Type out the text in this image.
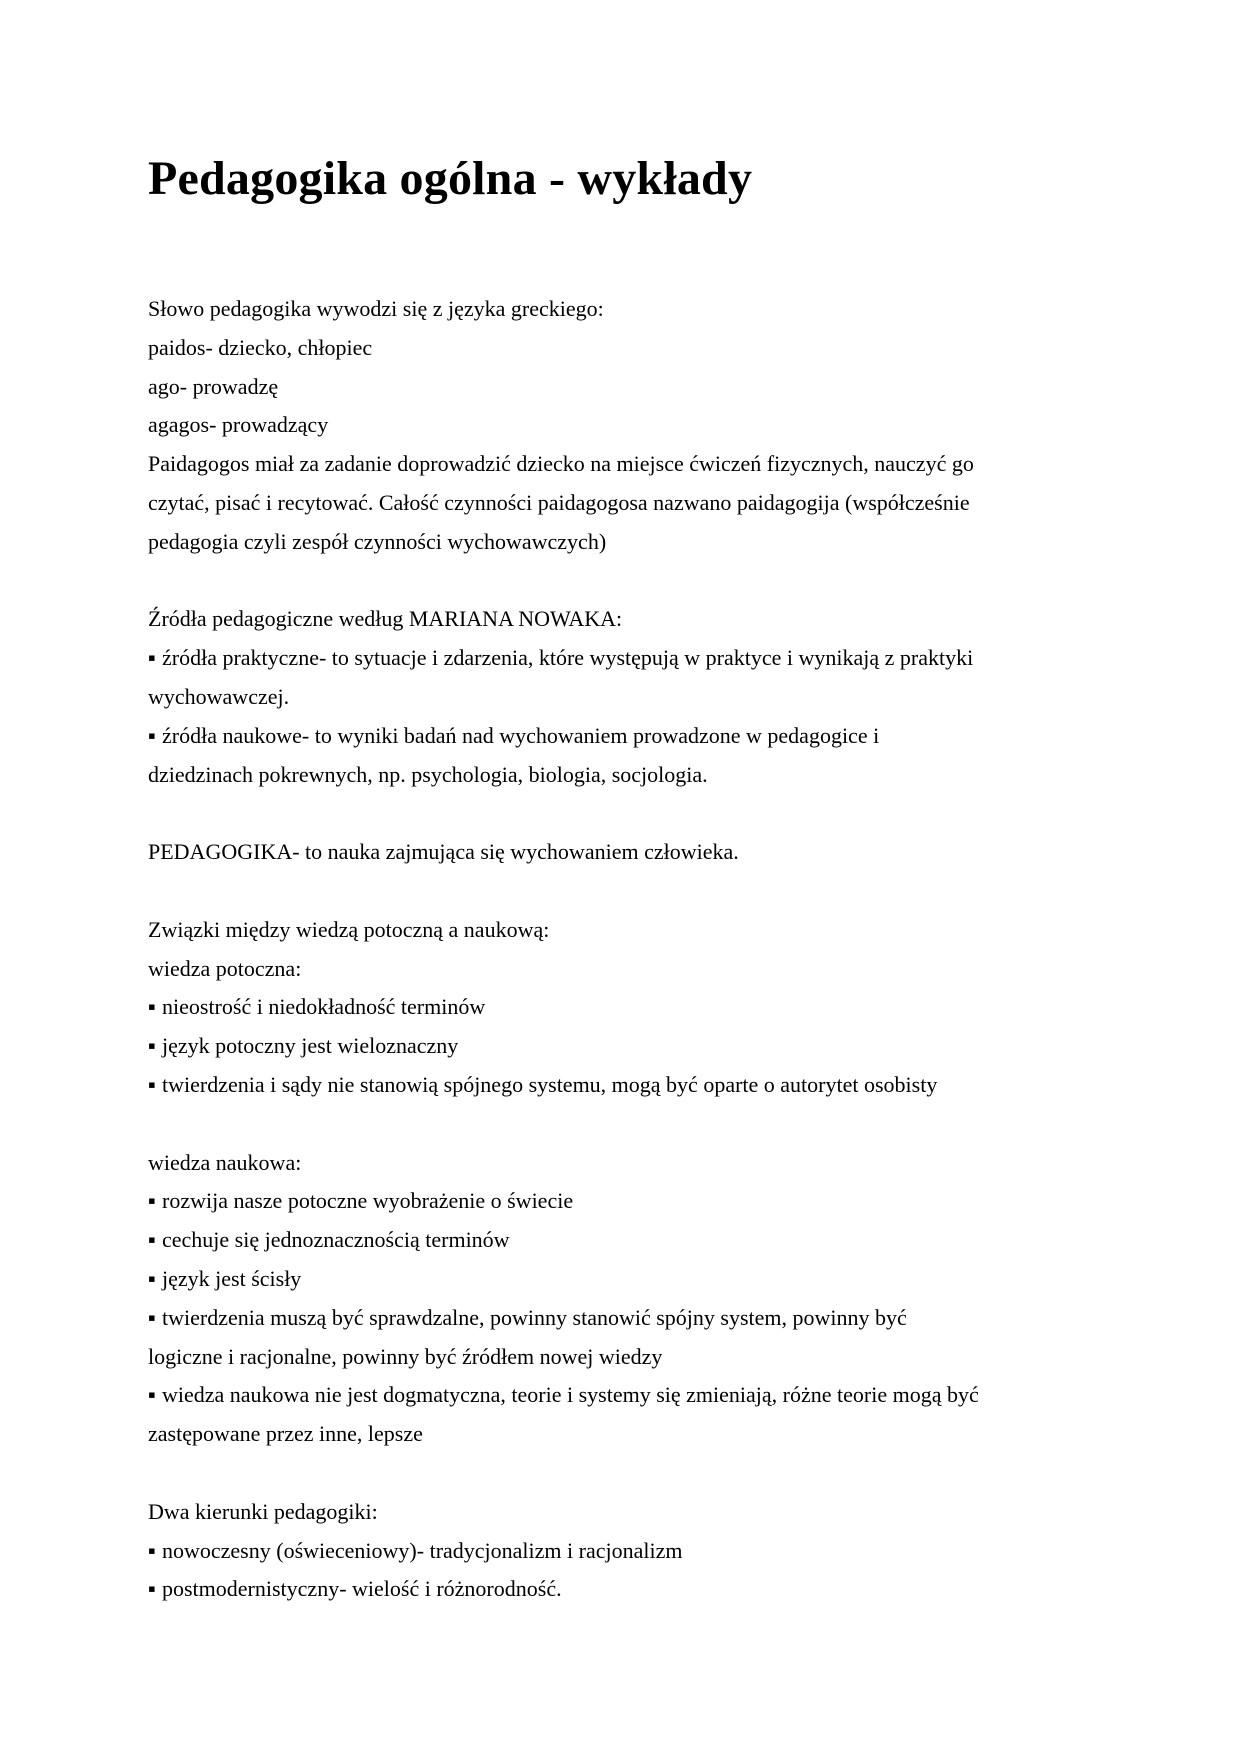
Pedagogika ogólna - wykłady
Słowo pedagogika wywodzi się z języka greckiego:
paidos- dziecko, chłopiec
ago- prowadzę
agagos- prowadzący
Paidagogos miał za zadanie doprowadzić dziecko na miejsce ćwiczeń fizycznych, nauczyć go
czytać, pisać i recytować. Całość czynności paidagogosa nazwano paidagogija (współcześnie
pedagogia czyli zespół czynności wychowawczych)
Źródła pedagogiczne według MARIANA NOWAKA:
▪ źródła praktyczne- to sytuacje i zdarzenia, które występują w praktyce i wynikają z praktyki
wychowawczej.
▪ źródła naukowe- to wyniki badań nad wychowaniem prowadzone w pedagogice i
dziedzinach pokrewnych, np. psychologia, biologia, socjologia.
PEDAGOGIKA- to nauka zajmująca się wychowaniem człowieka.
Związki między wiedzą potoczną a naukową:
wiedza potoczna:
▪ nieostrość i niedokładność terminów
▪ język potoczny jest wieloznaczny
▪ twierdzenia i sądy nie stanowią spójnego systemu, mogą być oparte o autorytet osobisty
wiedza naukowa:
▪ rozwija nasze potoczne wyobrażenie o świecie
▪ cechuje się jednoznacznością terminów
▪ język jest ścisły
▪ twierdzenia muszą być sprawdzalne, powinny stanowić spójny system, powinny być
logiczne i racjonalne, powinny być źródłem nowej wiedzy
▪ wiedza naukowa nie jest dogmatyczna, teorie i systemy się zmieniają, różne teorie mogą być
zastępowane przez inne, lepsze
Dwa kierunki pedagogiki:
▪ nowoczesny (oświeceniowy)- tradycjonalizm i racjonalizm
▪ postmodernistyczny- wielość i różnorodność.
